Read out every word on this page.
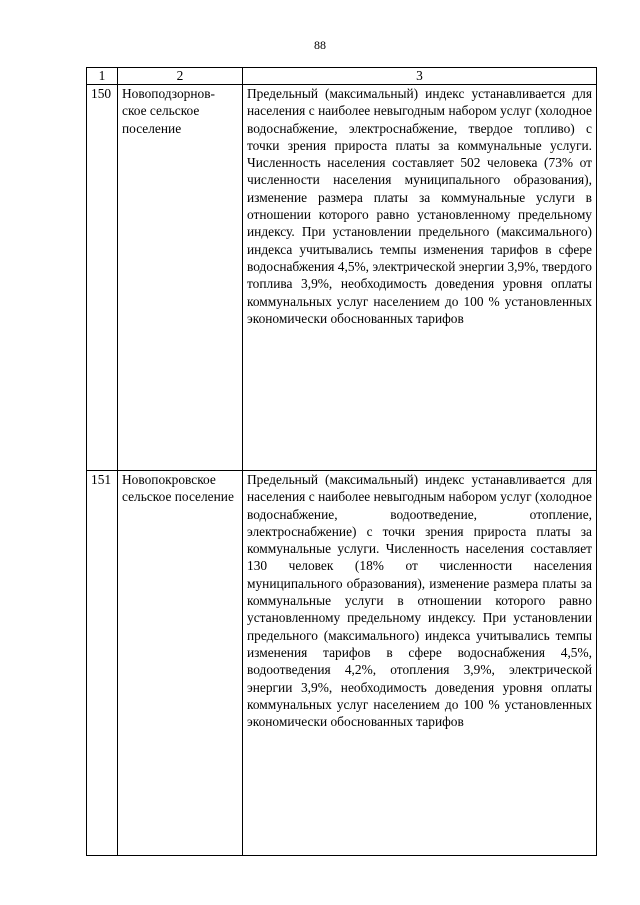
88
1	2	3
150	Новоподзорнов-ское сельское поселение	Предельный (максимальный) индекс устанавливается для населения с наиболее невыгодным набором услуг (холодное водоснабжение, электроснабжение, твердое топливо) с точки зрения прироста платы за коммунальные услуги. Численность населения составляет 502 человека (73% от численности населения муниципального образования), изменение размера платы за коммунальные услуги в отношении которого равно установленному предельному индексу. При установлении предельного (максимального) индекса учитывались темпы изменения тарифов в сфере водоснабжения 4,5%, электрической энергии 3,9%, твердого топлива 3,9%, необходимость доведения уровня оплаты коммунальных услуг населением до 100 % установленных экономически обоснованных тарифов
151	Новопокровское сельское поселение	Предельный (максимальный) индекс устанавливается для населения с наиболее невыгодным набором услуг (холодное водоснабжение, водоотведение, отопление, электроснабжение) с точки зрения прироста платы за коммунальные услуги. Численность населения составляет 130 человек (18% от численности населения муниципального образования), изменение размера платы за коммунальные услуги в отношении которого равно установленному предельному индексу. При установлении предельного (максимального) индекса учитывались темпы изменения тарифов в сфере водоснабжения 4,5%, водоотведения 4,2%, отопления 3,9%, электрической энергии 3,9%, необходимость доведения уровня оплаты коммунальных услуг населением до 100 % установленных экономически обоснованных тарифов
